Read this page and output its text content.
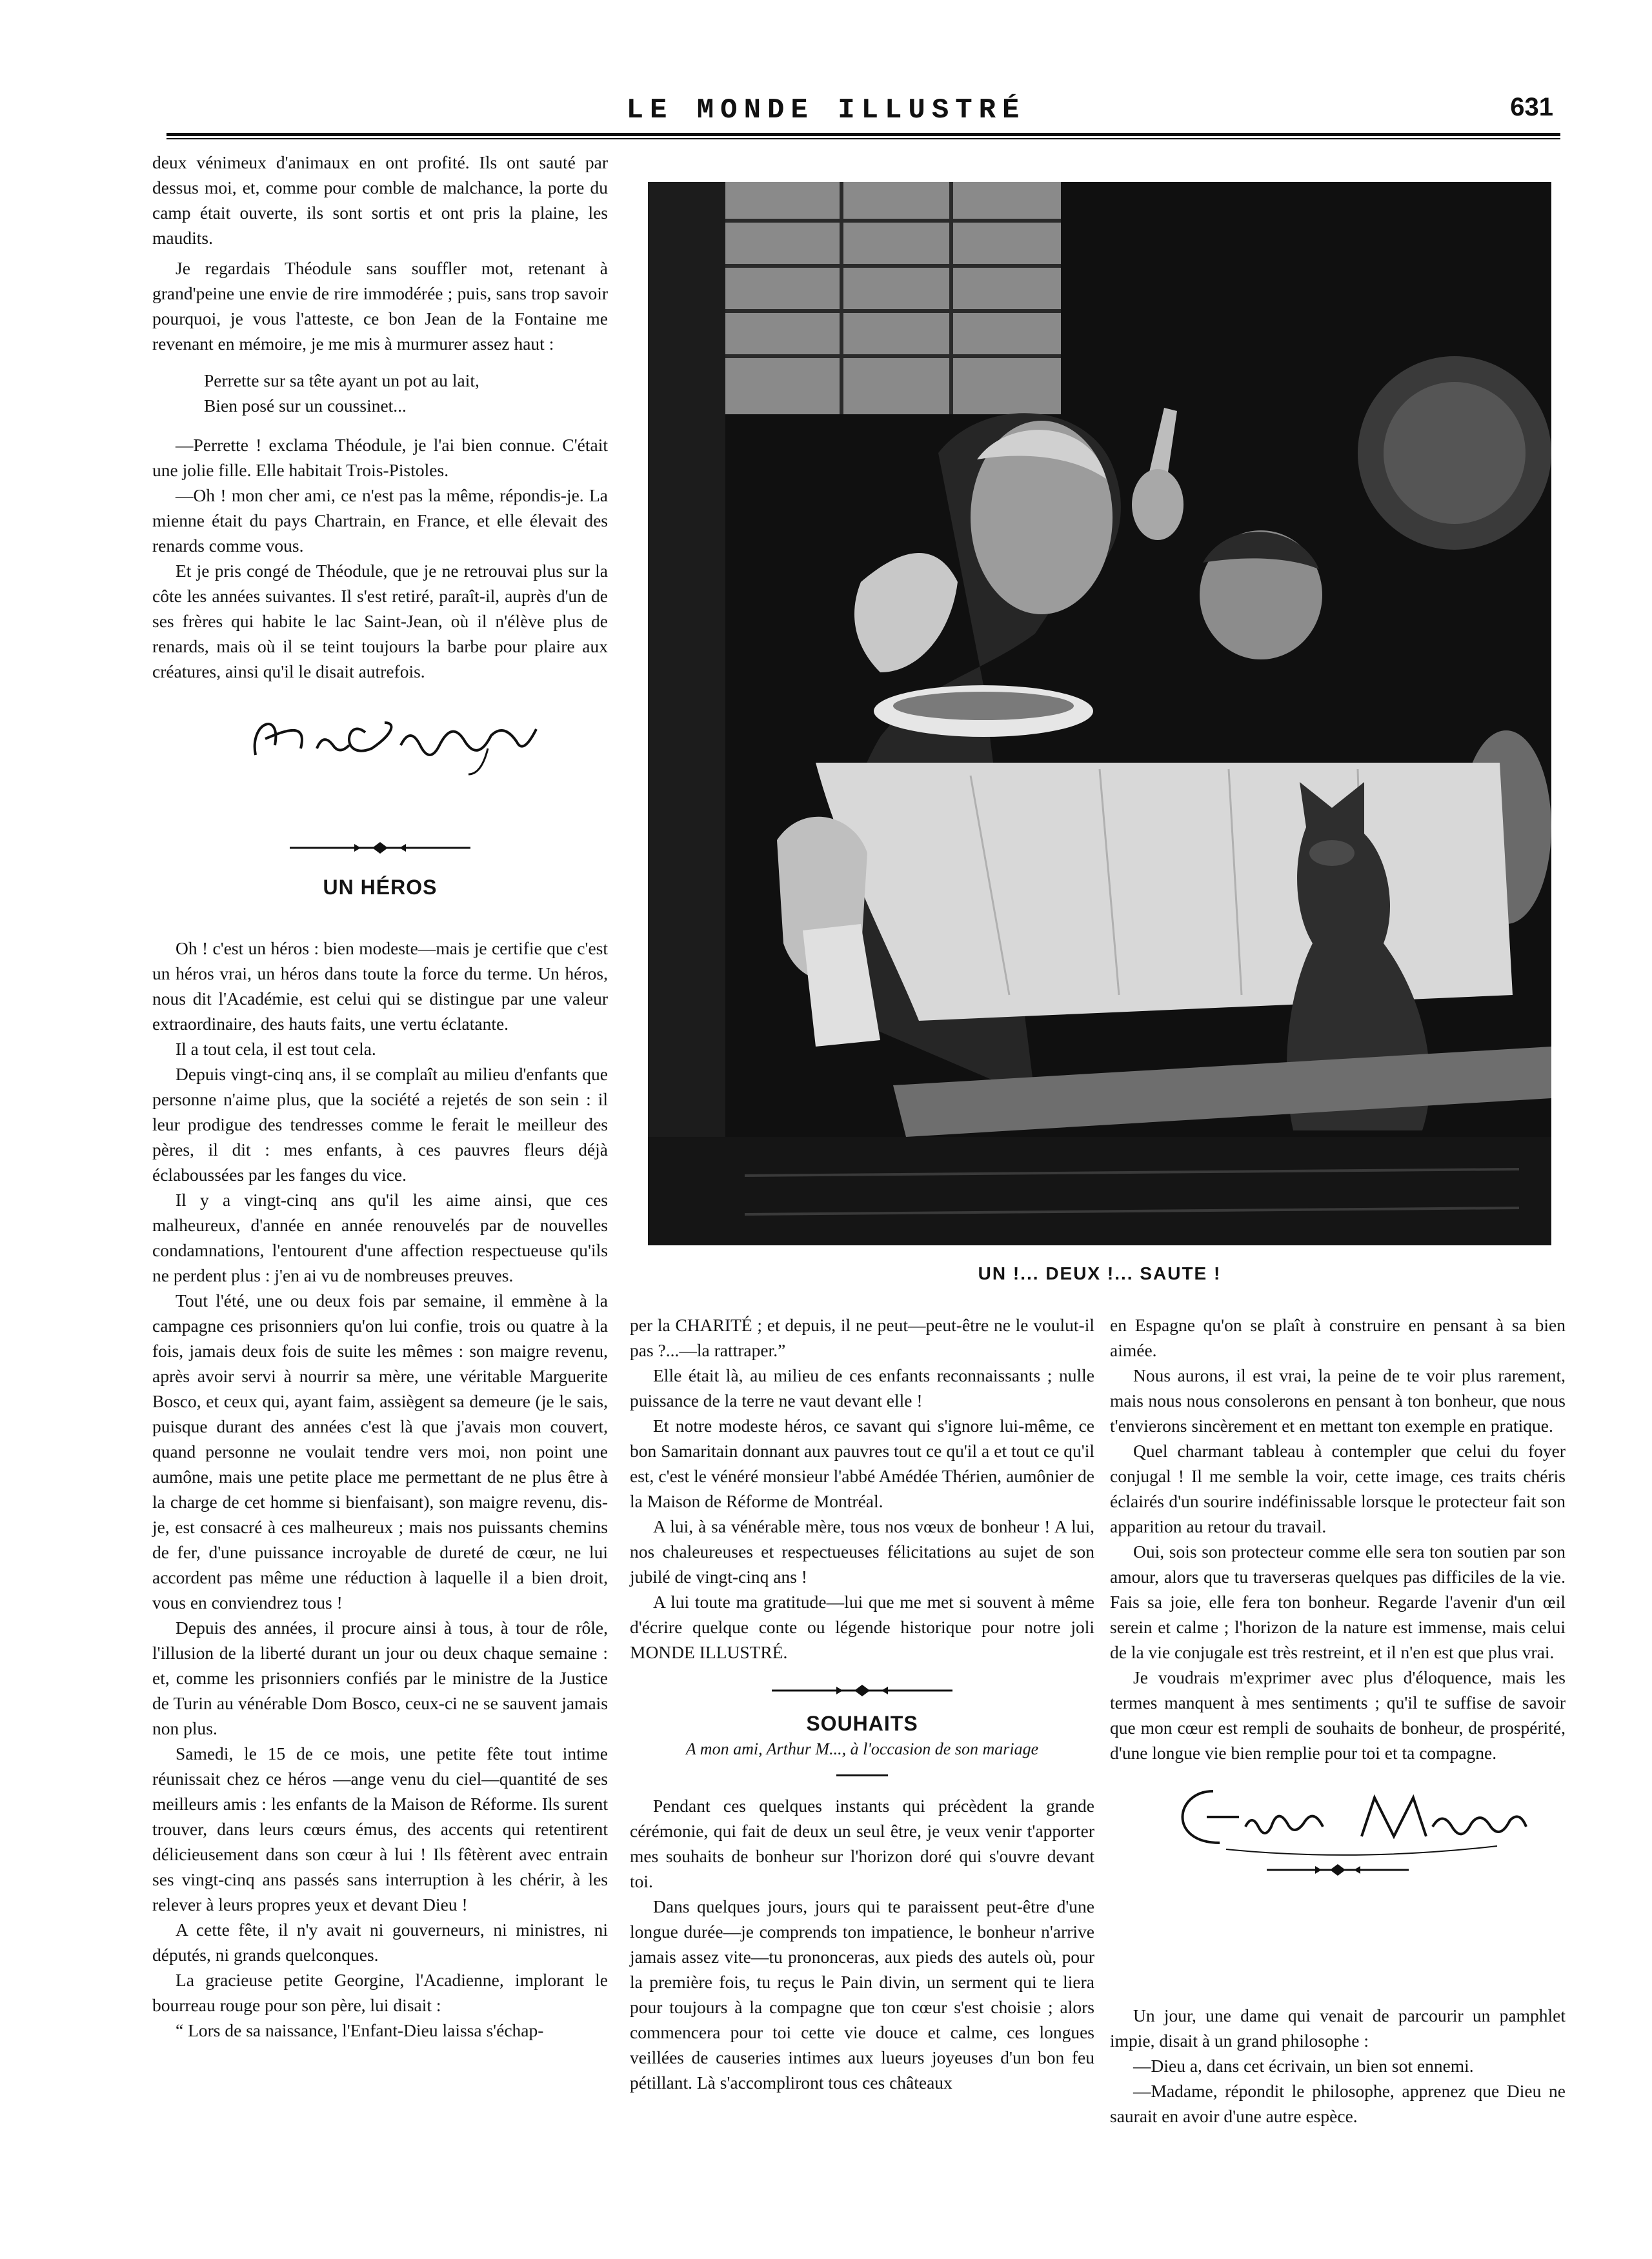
LE MONDE ILLUSTRÉ	631

deux vénimeux d'animaux en ont profité. Ils ont sauté par dessus moi, et, comme pour comble de malchance, la porte du camp était ouverte, ils sont sortis et ont pris la plaine, les maudits.

Je regardais Théodule sans souffler mot, retenant à grand'peine une envie de rire immodérée ; puis, sans trop savoir pourquoi, je vous l'atteste, ce bon Jean de la Fontaine me revenant en mémoire, je me mis à murmurer assez haut :

Perrette sur sa tête ayant un pot au lait,

Bien posé sur un coussinet...

—Perrette ! exclama Théodule, je l'ai bien connue. C'était une jolie fille. Elle habitait Trois-Pistoles.

—Oh ! mon cher ami, ce n'est pas la même, répondis-je. La mienne était du pays Chartrain, en France, et elle élevait des renards comme vous.

Et je pris congé de Théodule, que je ne retrouvai plus sur la côte les années suivantes. Il s'est retiré, paraît-il, auprès d'un de ses frères qui habite le lac Saint-Jean, où il n'élève plus de renards, mais où il se teint toujours la barbe pour plaire aux créatures, ainsi qu'il le disait autrefois.

UN HÉROS

Oh ! c'est un héros : bien modeste—mais je certifie que c'est un héros vrai, un héros dans toute la force du terme. Un héros, nous dit l'Académie, est celui qui se distingue par une valeur extraordinaire, des hauts faits, une vertu éclatante.

Il a tout cela, il est tout cela.

Depuis vingt-cinq ans, il se complaît au milieu d'enfants que personne n'aime plus, que la société a rejetés de son sein : il leur prodigue des tendresses comme le ferait le meilleur des pères, il dit : mes enfants, à ces pauvres fleurs déjà éclaboussées par les fanges du vice.

Il y a vingt-cinq ans qu'il les aime ainsi, que ces malheureux, d'année en année renouvelés par de nouvelles condamnations, l'entourent d'une affection respectueuse qu'ils ne perdent plus : j'en ai vu de nombreuses preuves.

Tout l'été, une ou deux fois par semaine, il emmène à la campagne ces prisonniers qu'on lui confie, trois ou quatre à la fois, jamais deux fois de suite les mêmes : son maigre revenu, après avoir servi à nourrir sa mère, une véritable Marguerite Bosco, et ceux qui, ayant faim, assiègent sa demeure (je le sais, puisque durant des années c'est là que j'avais mon couvert, quand personne ne voulait tendre vers moi, non point une aumône, mais une petite place me permettant de ne plus être à la charge de cet homme si bienfaisant), son maigre revenu, dis-je, est consacré à ces malheureux ; mais nos puissants chemins de fer, d'une puissance incroyable de dureté de cœur, ne lui accordent pas même une réduction à laquelle il a bien droit, vous en conviendrez tous !

Depuis des années, il procure ainsi à tous, à tour de rôle, l'illusion de la liberté durant un jour ou deux chaque semaine : et, comme les prisonniers confiés par le ministre de la Justice de Turin au vénérable Dom Bosco, ceux-ci ne se sauvent jamais non plus.

Samedi, le 15 de ce mois, une petite fête tout intime réunissait chez ce héros —ange venu du ciel—quantité de ses meilleurs amis : les enfants de la Maison de Réforme. Ils surent trouver, dans leurs cœurs émus, des accents qui retentirent délicieusement dans son cœur à lui ! Ils fêtèrent avec entrain ses vingt-cinq ans passés sans interruption à les chérir, à les relever à leurs propres yeux et devant Dieu !

A cette fête, il n'y avait ni gouverneurs, ni ministres, ni députés, ni grands quelconques.

La gracieuse petite Georgine, l'Acadienne, implorant le bourreau rouge pour son père, lui disait :

“ Lors de sa naissance, l'Enfant-Dieu laissa s'échap-

UN !... DEUX !... SAUTE !

per la CHARITÉ ; et depuis, il ne peut—peut-être ne le voulut-il pas ?...—la rattraper.”

Elle était là, au milieu de ces enfants reconnaissants ; nulle puissance de la terre ne vaut devant elle !

Et notre modeste héros, ce savant qui s'ignore lui-même, ce bon Samaritain donnant aux pauvres tout ce qu'il a et tout ce qu'il est, c'est le vénéré monsieur l'abbé Amédée Thérien, aumônier de la Maison de Réforme de Montréal.

A lui, à sa vénérable mère, tous nos vœux de bonheur ! A lui, nos chaleureuses et respectueuses félicitations au sujet de son jubilé de vingt-cinq ans !

A lui toute ma gratitude—lui que me met si souvent à même d'écrire quelque conte ou légende historique pour notre joli MONDE ILLUSTRÉ.

SOUHAITS
A mon ami, Arthur M..., à l'occasion de son mariage

Pendant ces quelques instants qui précèdent la grande cérémonie, qui fait de deux un seul être, je veux venir t'apporter mes souhaits de bonheur sur l'horizon doré qui s'ouvre devant toi.

Dans quelques jours, jours qui te paraissent peut-être d'une longue durée—je comprends ton impatience, le bonheur n'arrive jamais assez vite—tu prononceras, aux pieds des autels où, pour la première fois, tu reçus le Pain divin, un serment qui te liera pour toujours à la compagne que ton cœur s'est choisie ; alors commencera pour toi cette vie douce et calme, ces longues veillées de causeries intimes aux lueurs joyeuses d'un bon feu pétillant. Là s'accompliront tous ces châteaux

en Espagne qu'on se plaît à construire en pensant à sa bien aimée.

Nous aurons, il est vrai, la peine de te voir plus rarement, mais nous nous consolerons en pensant à ton bonheur, que nous t'envierons sincèrement et en mettant ton exemple en pratique.

Quel charmant tableau à contempler que celui du foyer conjugal ! Il me semble la voir, cette image, ces traits chéris éclairés d'un sourire indéfinissable lorsque le protecteur fait son apparition au retour du travail.

Oui, sois son protecteur comme elle sera ton soutien par son amour, alors que tu traverseras quelques pas difficiles de la vie. Fais sa joie, elle fera ton bonheur. Regarde l'avenir d'un œil serein et calme ; l'horizon de la nature est immense, mais celui de la vie conjugale est très restreint, et il n'en est que plus vrai.

Je voudrais m'exprimer avec plus d'éloquence, mais les termes manquent à mes sentiments ; qu'il te suffise de savoir que mon cœur est rempli de souhaits de bonheur, de prospérité, d'une longue vie bien remplie pour toi et ta compagne.

Un jour, une dame qui venait de parcourir un pamphlet impie, disait à un grand philosophe :

—Dieu a, dans cet écrivain, un bien sot ennemi.

—Madame, répondit le philosophe, apprenez que Dieu ne saurait en avoir d'une autre espèce.
